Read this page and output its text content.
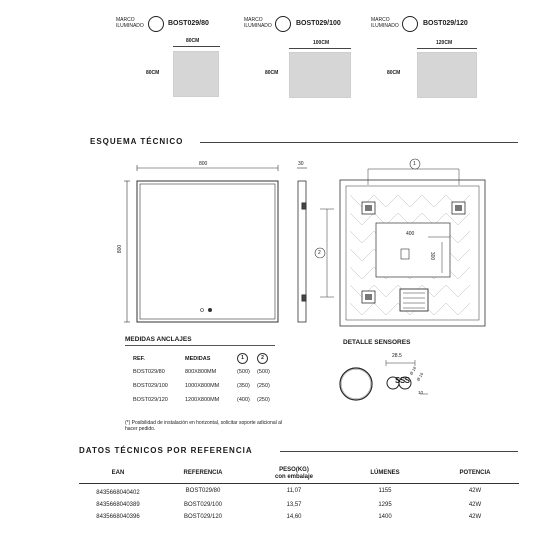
MARCO
ILUMINADO	BOST029/80
80CM
80CM
MARCO
ILUMINADO	BOST029/100
100CM
80CM
MARCO
ILUMINADO	BOST029/120
120CM
80CM
ESQUEMA TÉCNICO
800
800
30	1
2
400
300
MEDIDAS ANCLAJES
REF.	MEDIDAS	1	2
BOST029/80	800X800MM	(500)	(500)
BOST029/100	1000X800MM	(350)	(250)
BOST029/120	1200X800MM	(400)	(250)
(*) Posibilidad de instalación en horizontal, solicitar soporte adicional al hacer pedido.
DETALLE SENSORES
SSS
28.5
Ø 18
Ø 16
10
DATOS TÉCNICOS POR REFERENCIA
EAN	REFERENCIA	PESO(KG)
con embalaje	LÚMENES	POTENCIA
8435668040402	BOST029/80	11,07	1155	42W
8435668040389	BOST029/100	13,57	1295	42W
8435668040396	BOST029/120	14,60	1400	42W
